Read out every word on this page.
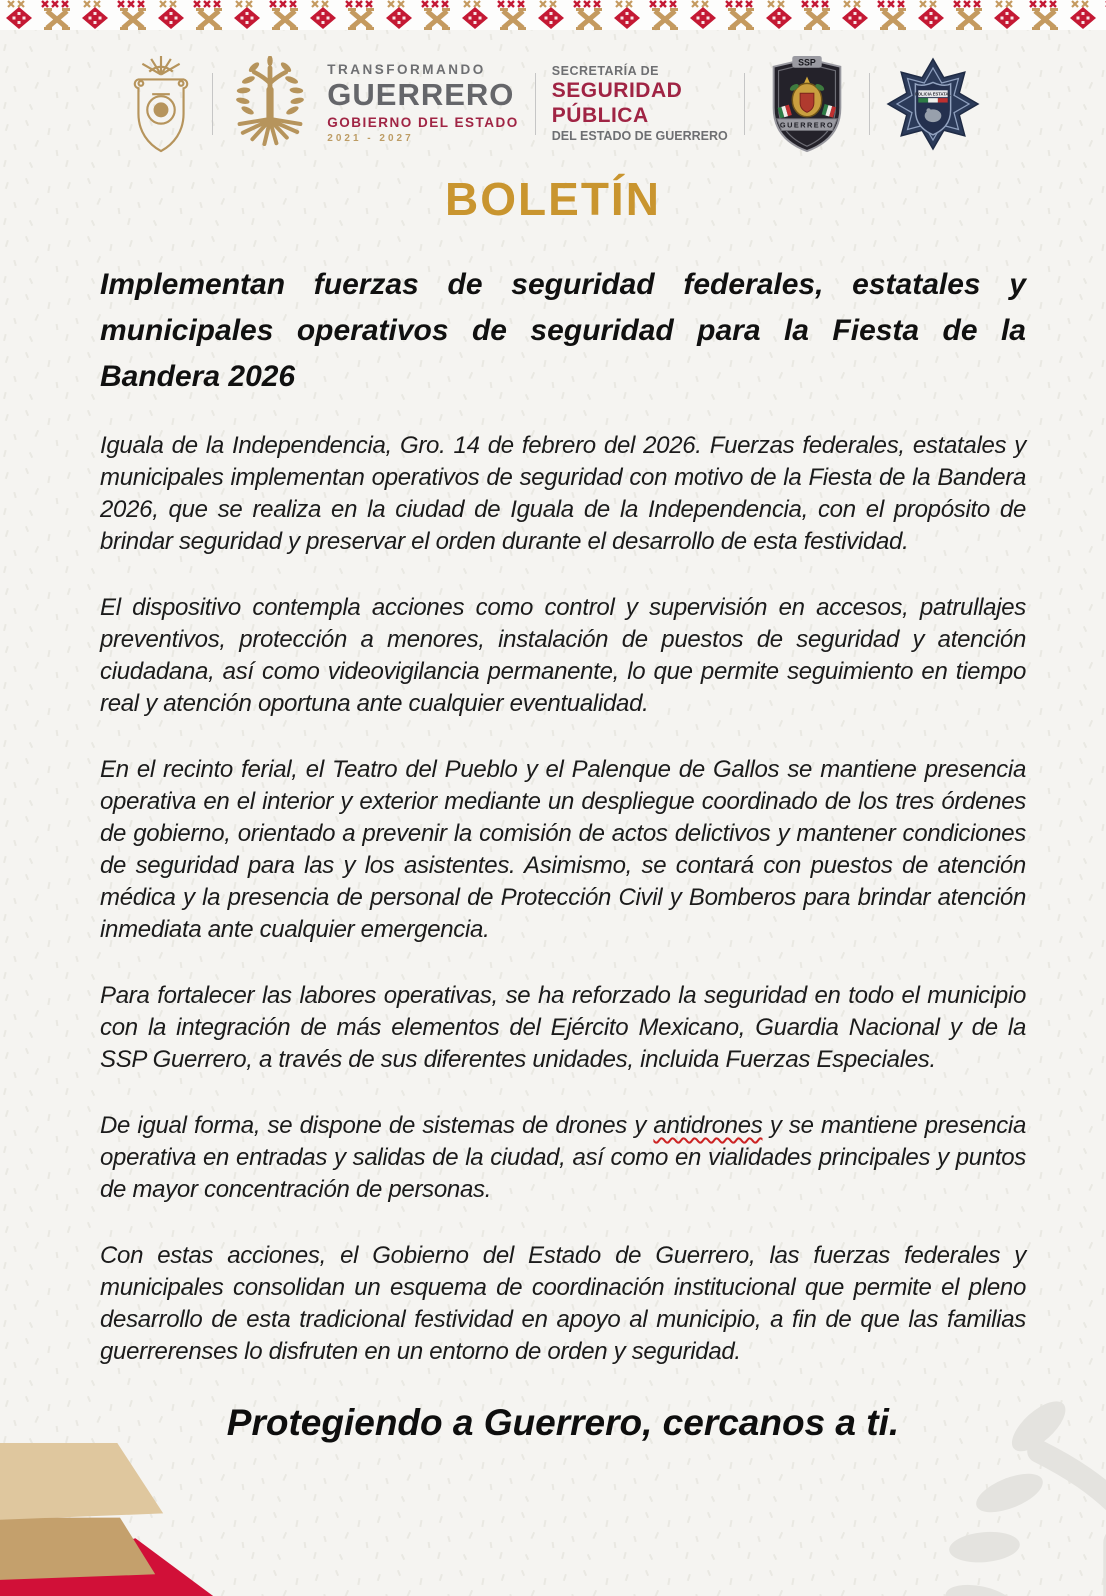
TRANSFORMANDO
GUERRERO
GOBIERNO DEL ESTADO
2021 - 2027
SECRETARÍA DE
SEGURIDAD
PÚBLICA
DEL ESTADO DE GUERRERO
SSP
GUERRERO
POLICIA ESTATAL
BOLETÍN
Implementan fuerzas de seguridad federales, estatales y municipales operativos de seguridad para la Fiesta de la Bandera 2026

Iguala de la Independencia, Gro. 14 de febrero del 2026. Fuerzas federales, estatales y municipales implementan operativos de seguridad con motivo de la Fiesta de la Bandera 2026, que se realiza en la ciudad de Iguala de la Independencia, con el propósito de brindar seguridad y preservar el orden durante el desarrollo de esta festividad.

El dispositivo contempla acciones como control y supervisión en accesos, patrullajes preventivos, protección a menores, instalación de puestos de seguridad y atención ciudadana, así como videovigilancia permanente, lo que permite seguimiento en tiempo real y atención oportuna ante cualquier eventualidad.

En el recinto ferial, el Teatro del Pueblo y el Palenque de Gallos se mantiene presencia operativa en el interior y exterior mediante un despliegue coordinado de los tres órdenes de gobierno, orientado a prevenir la comisión de actos delictivos y mantener condiciones de seguridad para las y los asistentes. Asimismo, se contará con puestos de atención médica y la presencia de personal de Protección Civil y Bomberos para brindar atención inmediata ante cualquier emergencia.

Para fortalecer las labores operativas, se ha reforzado la seguridad en todo el municipio con la integración de más elementos del Ejército Mexicano, Guardia Nacional y de la SSP Guerrero, a través de sus diferentes unidades, incluida Fuerzas Especiales.

De igual forma, se dispone de sistemas de drones y antidrones y se mantiene presencia operativa en entradas y salidas de la ciudad, así como en vialidades principales y puntos de mayor concentración de personas.

Con estas acciones, el Gobierno del Estado de Guerrero, las fuerzas federales y municipales consolidan un esquema de coordinación institucional que permite el pleno desarrollo de esta tradicional festividad en apoyo al municipio, a fin de que las familias guerrerenses lo disfruten en un entorno de orden y seguridad.

Protegiendo a Guerrero, cercanos a ti.
